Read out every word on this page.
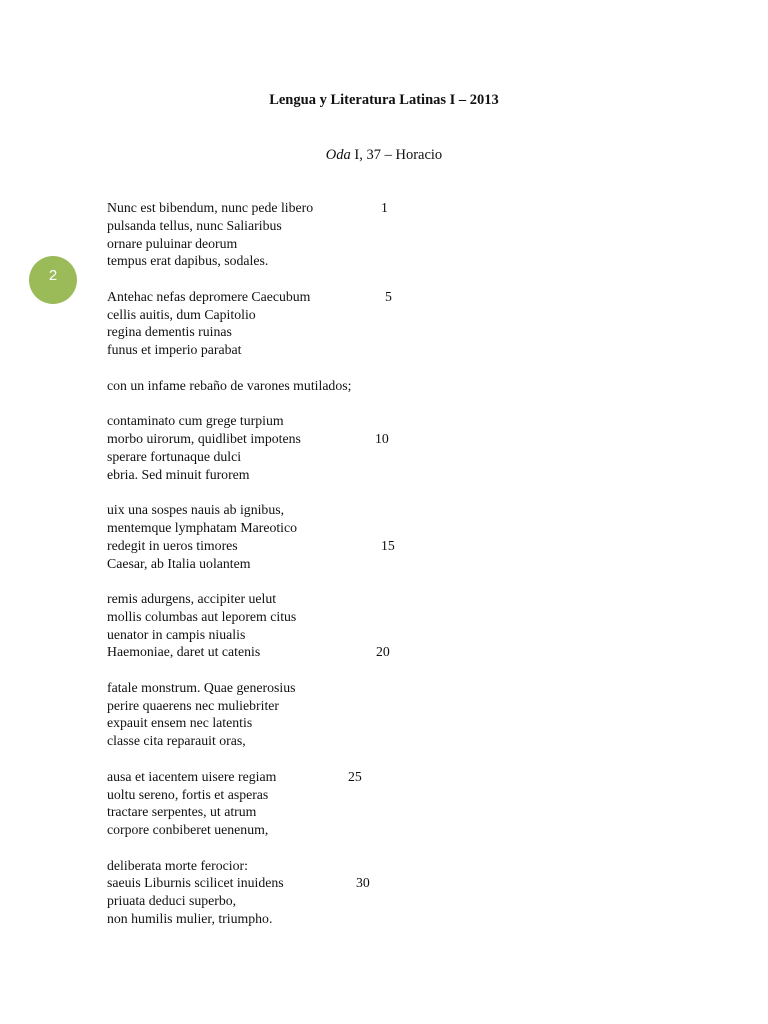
Lengua y Literatura Latinas I – 2013
Oda I, 37 – Horacio
2
Nunc est bibendum, nunc pede libero	1
pulsanda tellus, nunc Saliaribus
ornare puluinar deorum
tempus erat dapibus, sodales.
Antehac nefas depromere Caecubum	5
cellis auitis, dum Capitolio
regina dementis ruinas
funus et imperio parabat
con un infame rebaño de varones mutilados;
contaminato cum grege turpium
morbo uirorum, quidlibet impotens	10
sperare fortunaque dulci
ebria. Sed minuit furorem
uix una sospes nauis ab ignibus,
mentemque lymphatam Mareotico
redegit in ueros timores	15
Caesar, ab Italia uolantem
remis adurgens, accipiter uelut
mollis columbas aut leporem citus
uenator in campis niualis
Haemoniae, daret ut catenis	20
fatale monstrum. Quae generosius
perire quaerens nec muliebriter
expauit ensem nec latentis
classe cita reparauit oras,
ausa et iacentem uisere regiam	25
uoltu sereno, fortis et asperas
tractare serpentes, ut atrum
corpore conbiberet uenenum,
deliberata morte ferocior:
saeuis Liburnis scilicet inuidens	30
priuata deduci superbo,
non humilis mulier, triumpho.
